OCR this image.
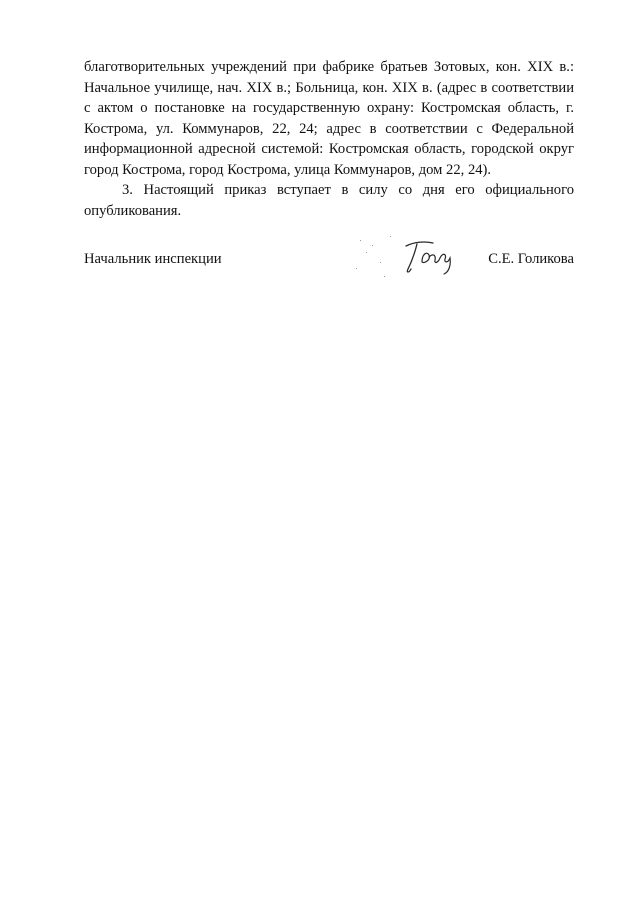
благотворительных учреждений при фабрике братьев Зотовых, кон. XIX в.: Начальное училище, нач. XIX в.; Больница, кон. XIX в. (адрес в соответствии с актом о постановке на государственную охрану: Костромская область, г. Кострома, ул. Коммунаров, 22, 24; адрес в соответствии с Федеральной информационной адресной системой: Костромская область, городской округ город Кострома, город Кострома, улица Коммунаров, дом 22, 24).

3. Настоящий приказ вступает в силу со дня его официального опубликования.

Начальник инспекции	С.Е. Голикова
